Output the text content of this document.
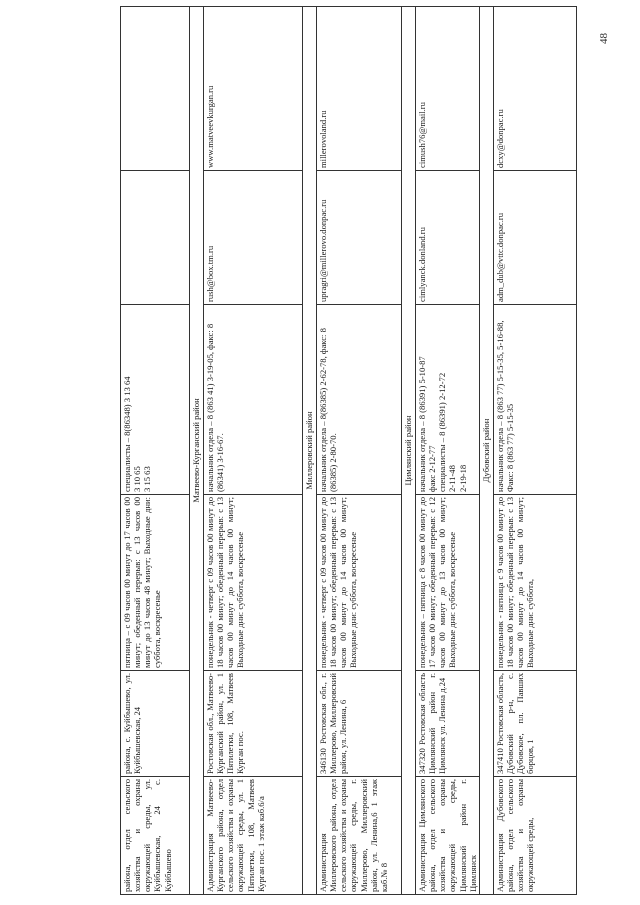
48
района, отдел сельского хозяйства и охраны окружающей среды, ул. Куйбышевская, 24 с. Куйбышево	района, с. Куйбышево, ул. Куйбышевская, 24	пятница – с 09 часов 00 минут до 17 часов 00 минут; обеденный перерыв: с 13 часов 00 минут до 13 часов 48 минут; Выходные дни: суббота, воскресенье	специалисты – 8(86348) 3 13 64
3 10 65
3 15 63		
Матвеево-Курганский район					
Администрация Матвеево-Курганского района, отдел сельского хозяйства и охраны окружающей среды, ул. 1 Пятилетки, 108, Матвеев Курган пос. 1 этаж каб.6/а	Ростовская обл., Матвеево-Курганский район, ул. 1 Пятилетки, 108, Матвеев Курган пос.	понедельник - четверг с 09 часов 00 минут до 18 часов 00 минут; обеденный перерыв: с 13 часов 00 минут до 14 часов 00 минут; Выходные дни: суббота, воскресенье	начальник отдела – 8 (863 41) 3-19-05, факс: 8 (86341) 3-16-67.	rush@box.tm.ru	www.matveevkurgan.ru
Миллеровский район					
Администрация Миллеровского района, отдел сельского хозяйства и охраны окружающей среды, г. Миллерово, Миллеровский район, ул. Ленина,6 1 этаж каб.№ 8	346130 Ростовская обл., г. Миллерово, Миллеровский район, ул. Ленина, 6	понедельник - четверг с 09 часов 00 минут до 18 часов 00 минут; обеденный перерыв: с 13 часов 00 минут до 14 часов 00 минут; Выходные дни: суббота, воскресенье	начальник отдела – 8(86385) 2-62-78, факс: 8 (86385) 2-80-70.	upragri@millerovo.donpac.ru	millerovoland.ru
Цимлянский район					
Администрация Цимлянского района, отдел сельского хозяйства и охраны окружающей среды, Цимлянский район г. Цимлянск	347320 Ростовская область Цимлянский район г. Цимлянск ул. Ленина д.24	понедельник – пятница с 8 часов 00 минут до 17 часов 00 минут; обеденный перерыв: с 12 часов 00 минут до 13 часов 00 минут; Выходные дни: суббота, воскресенье	начальник отдела – 8 (86391) 5-10-87
факс 2-12-77
специалисты – 8 (86391) 2-12-72
2-11-48
2-19-18	cimlyanck.donland.ru	cimush76@mail.ru
Дубовский район					
Администрация Дубовского района, отдел сельского хозяйства и охраны окружающей среды,	347410 Ростовская область, Дубовский р-н, с. Дубовское, пл. Павших борцов, 1	понедельник - пятница с 9 часов 00 минут до 18 часов 00 минут; обеденный перерыв: с 13 часов 00 минут до 14 часов 00 минут; Выходные дни: суббота,	начальник отдела – 8 (863 77) 5-15-35, 5-16-88, Факс: 8 (863 77) 5-15-35	adm_dub@vttc.donpac.ru	dcxy@donpac.ru
